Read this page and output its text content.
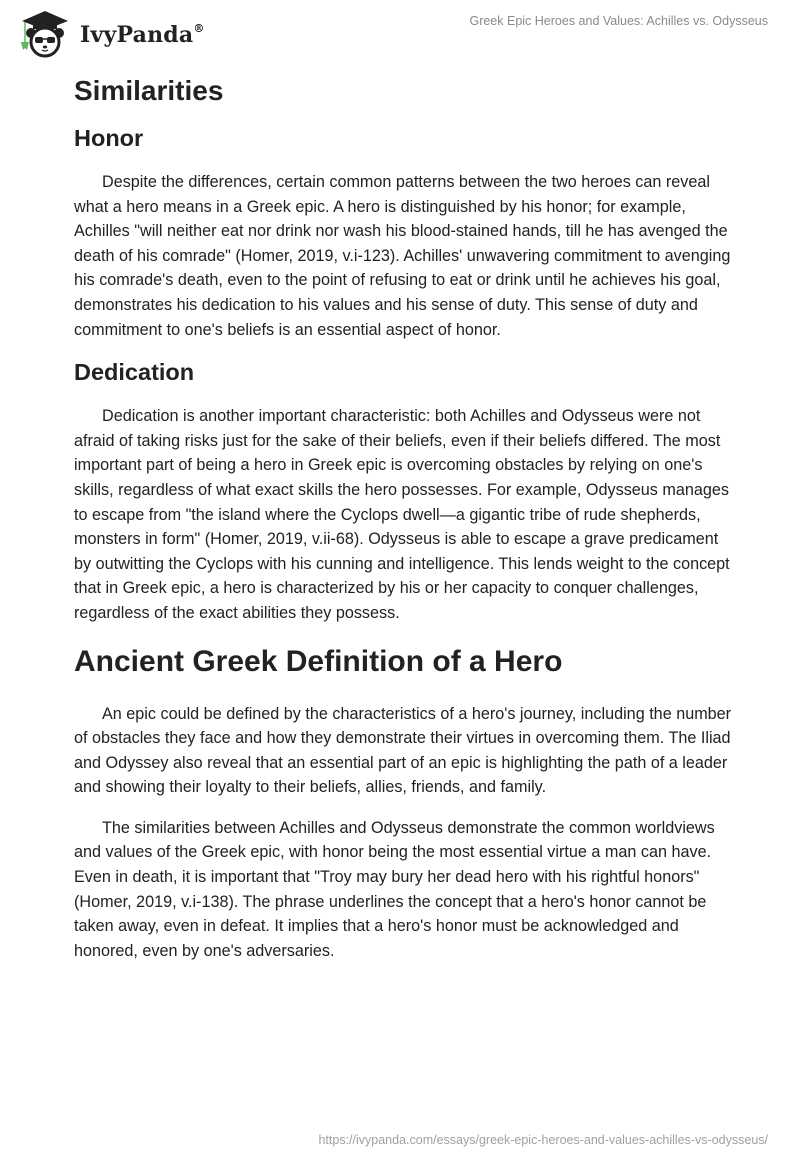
IvyPanda®
Greek Epic Heroes and Values: Achilles vs. Odysseus
Similarities
Honor

Despite the differences, certain common patterns between the two heroes can reveal what a hero means in a Greek epic. A hero is distinguished by his honor; for example, Achilles "will neither eat nor drink nor wash his blood-stained hands, till he has avenged the death of his comrade" (Homer, 2019, v.i-123). Achilles' unwavering commitment to avenging his comrade's death, even to the point of refusing to eat or drink until he achieves his goal, demonstrates his dedication to his values and his sense of duty. This sense of duty and commitment to one's beliefs is an essential aspect of honor.

Dedication

Dedication is another important characteristic: both Achilles and Odysseus were not afraid of taking risks just for the sake of their beliefs, even if their beliefs differed. The most important part of being a hero in Greek epic is overcoming obstacles by relying on one's skills, regardless of what exact skills the hero possesses. For example, Odysseus manages to escape from "the island where the Cyclops dwell—a gigantic tribe of rude shepherds, monsters in form" (Homer, 2019, v.ii-68). Odysseus is able to escape a grave predicament by outwitting the Cyclops with his cunning and intelligence. This lends weight to the concept that in Greek epic, a hero is characterized by his or her capacity to conquer challenges, regardless of the exact abilities they possess.

Ancient Greek Definition of a Hero

An epic could be defined by the characteristics of a hero's journey, including the number of obstacles they face and how they demonstrate their virtues in overcoming them. The Iliad and Odyssey also reveal that an essential part of an epic is highlighting the path of a leader and showing their loyalty to their beliefs, allies, friends, and family.

The similarities between Achilles and Odysseus demonstrate the common worldviews and values of the Greek epic, with honor being the most essential virtue a man can have. Even in death, it is important that "Troy may bury her dead hero with his rightful honors" (Homer, 2019, v.i-138). The phrase underlines the concept that a hero's honor cannot be taken away, even in defeat. It implies that a hero's honor must be acknowledged and honored, even by one's adversaries.

https://ivypanda.com/essays/greek-epic-heroes-and-values-achilles-vs-odysseus/
